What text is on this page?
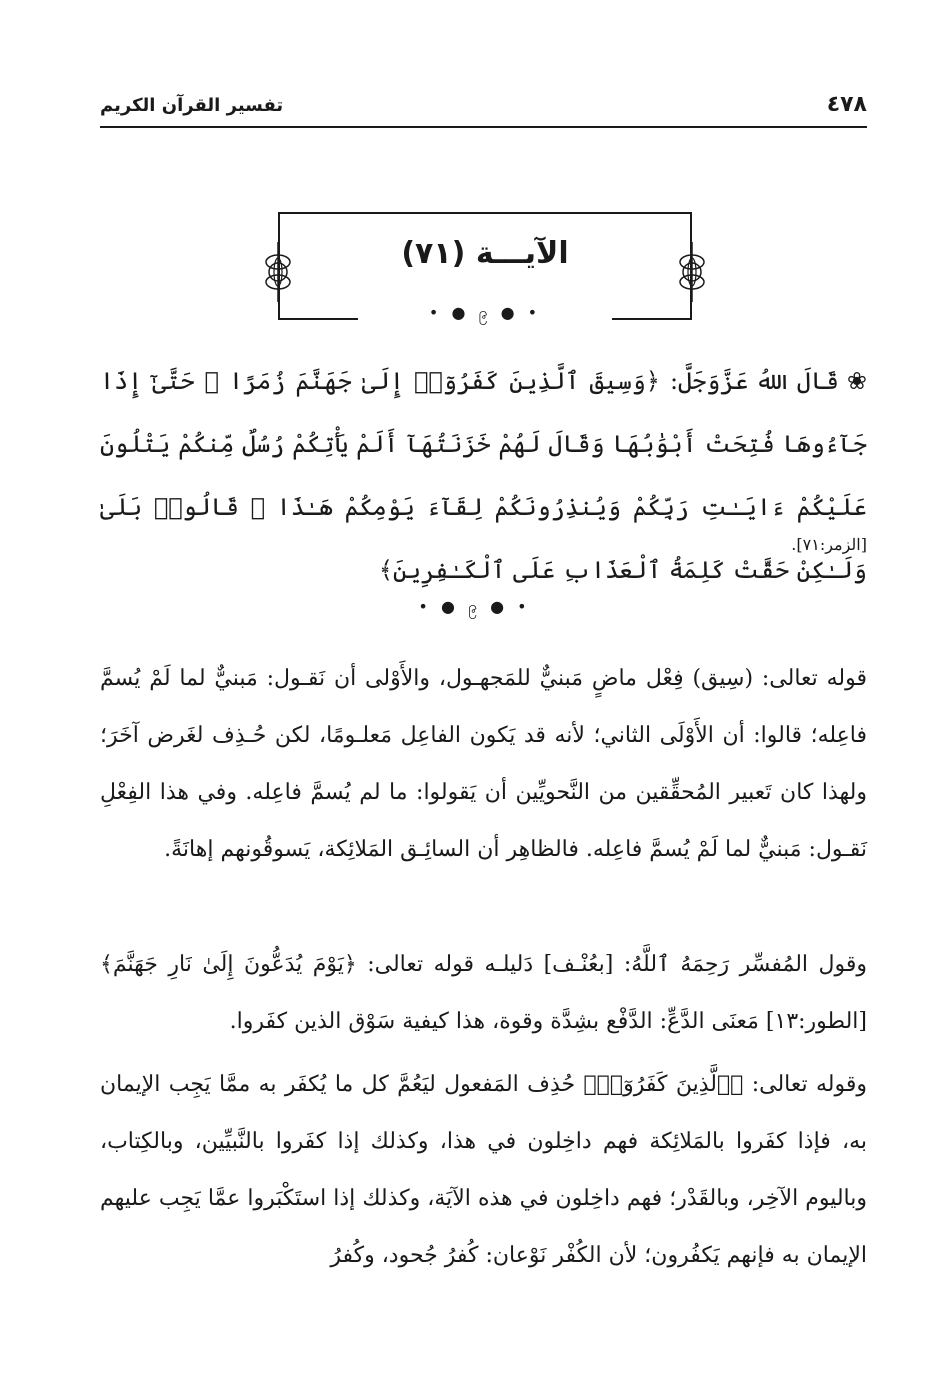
٤٧٨
تفسير القرآن الكريم
الآيـــة (٧١)
• ● ၉ ● •
❀قَالَ اللهُ عَزَّوَجَلَّ: ﴿وَسِيقَ ٱلَّذِينَ كَفَرُوٓا۟ إِلَىٰ جَهَنَّمَ زُمَرًا ۖ حَتَّىٰٓ إِذَا جَآءُوهَا فُتِحَتْ أَبْوَٰبُهَا وَقَالَ لَهُمْ خَزَنَتُهَآ أَلَمْ يَأْتِكُمْ رُسُلٌ مِّنكُمْ يَتْلُونَ عَلَيْكُمْ ءَايَـٰتِ رَبِّكُمْ وَيُنذِرُونَكُمْ لِقَآءَ يَوْمِكُمْ هَـٰذَا ۚ قَالُوا۟ بَلَىٰ وَلَـٰكِنْ حَقَّتْ كَلِمَةُ ٱلْعَذَابِ عَلَى ٱلْكَـٰفِرِينَ﴾
[الزمر:٧١].
• ● ၉ ● •

قوله تعالى: (سِيق) فِعْل ماضٍ مَبنيٌّ للمَجهـول، والأَوْلى أن نَقـول: مَبنيٌّ لما لَمْ يُسمَّ فاعِله؛ قالوا: أن الأَوْلَى الثاني؛ لأنه قد يَكون الفاعِل مَعلـومًا، لكن حُـذِف لغَرض آخَرَ؛ ولهذا كان تَعبير المُحقِّقين من النَّحويِّين أن يَقولوا: ما لم يُسمَّ فاعِله. وفي هذا الفِعْلِ نَقـول: مَبنيٌّ لما لَمْ يُسمَّ فاعِله. فالظاهِر أن السائِـق المَلائِكة، يَسوقُونهم إهانَةً.

وقول المُفسِّر رَحِمَهُ ٱللَّهُ: [بعُنْـف] دَليلـه قوله تعالى: ﴿يَوْمَ يُدَعُّونَ إِلَىٰ نَارِ جَهَنَّمَ﴾ [الطور:١٣] مَعنَى الدَّعِّ: الدَّفْع بشِدَّة وقوة، هذا كيفية سَوْق الذين كفَروا.

وقوله تعالى: ﴿ٱلَّذِينَ كَفَرُوٓا۟﴾ حُذِف المَفعول ليَعُمَّ كل ما يُكفَر به ممَّا يَجِب الإيمان به، فإذا كفَروا بالمَلائِكة فهم داخِلون في هذا، وكذلك إذا كفَروا بالنَّبيِّين، وبالكِتاب، وباليوم الآخِر، وبالقَدْر؛ فهم داخِلون في هذه الآيَة، وكذلك إذا استَكْبَروا عمَّا يَجِب عليهم الإيمان به فإنهم يَكفُرون؛ لأن الكُفْر نَوْعان: كُفرُ جُحود، وكُفرُ
